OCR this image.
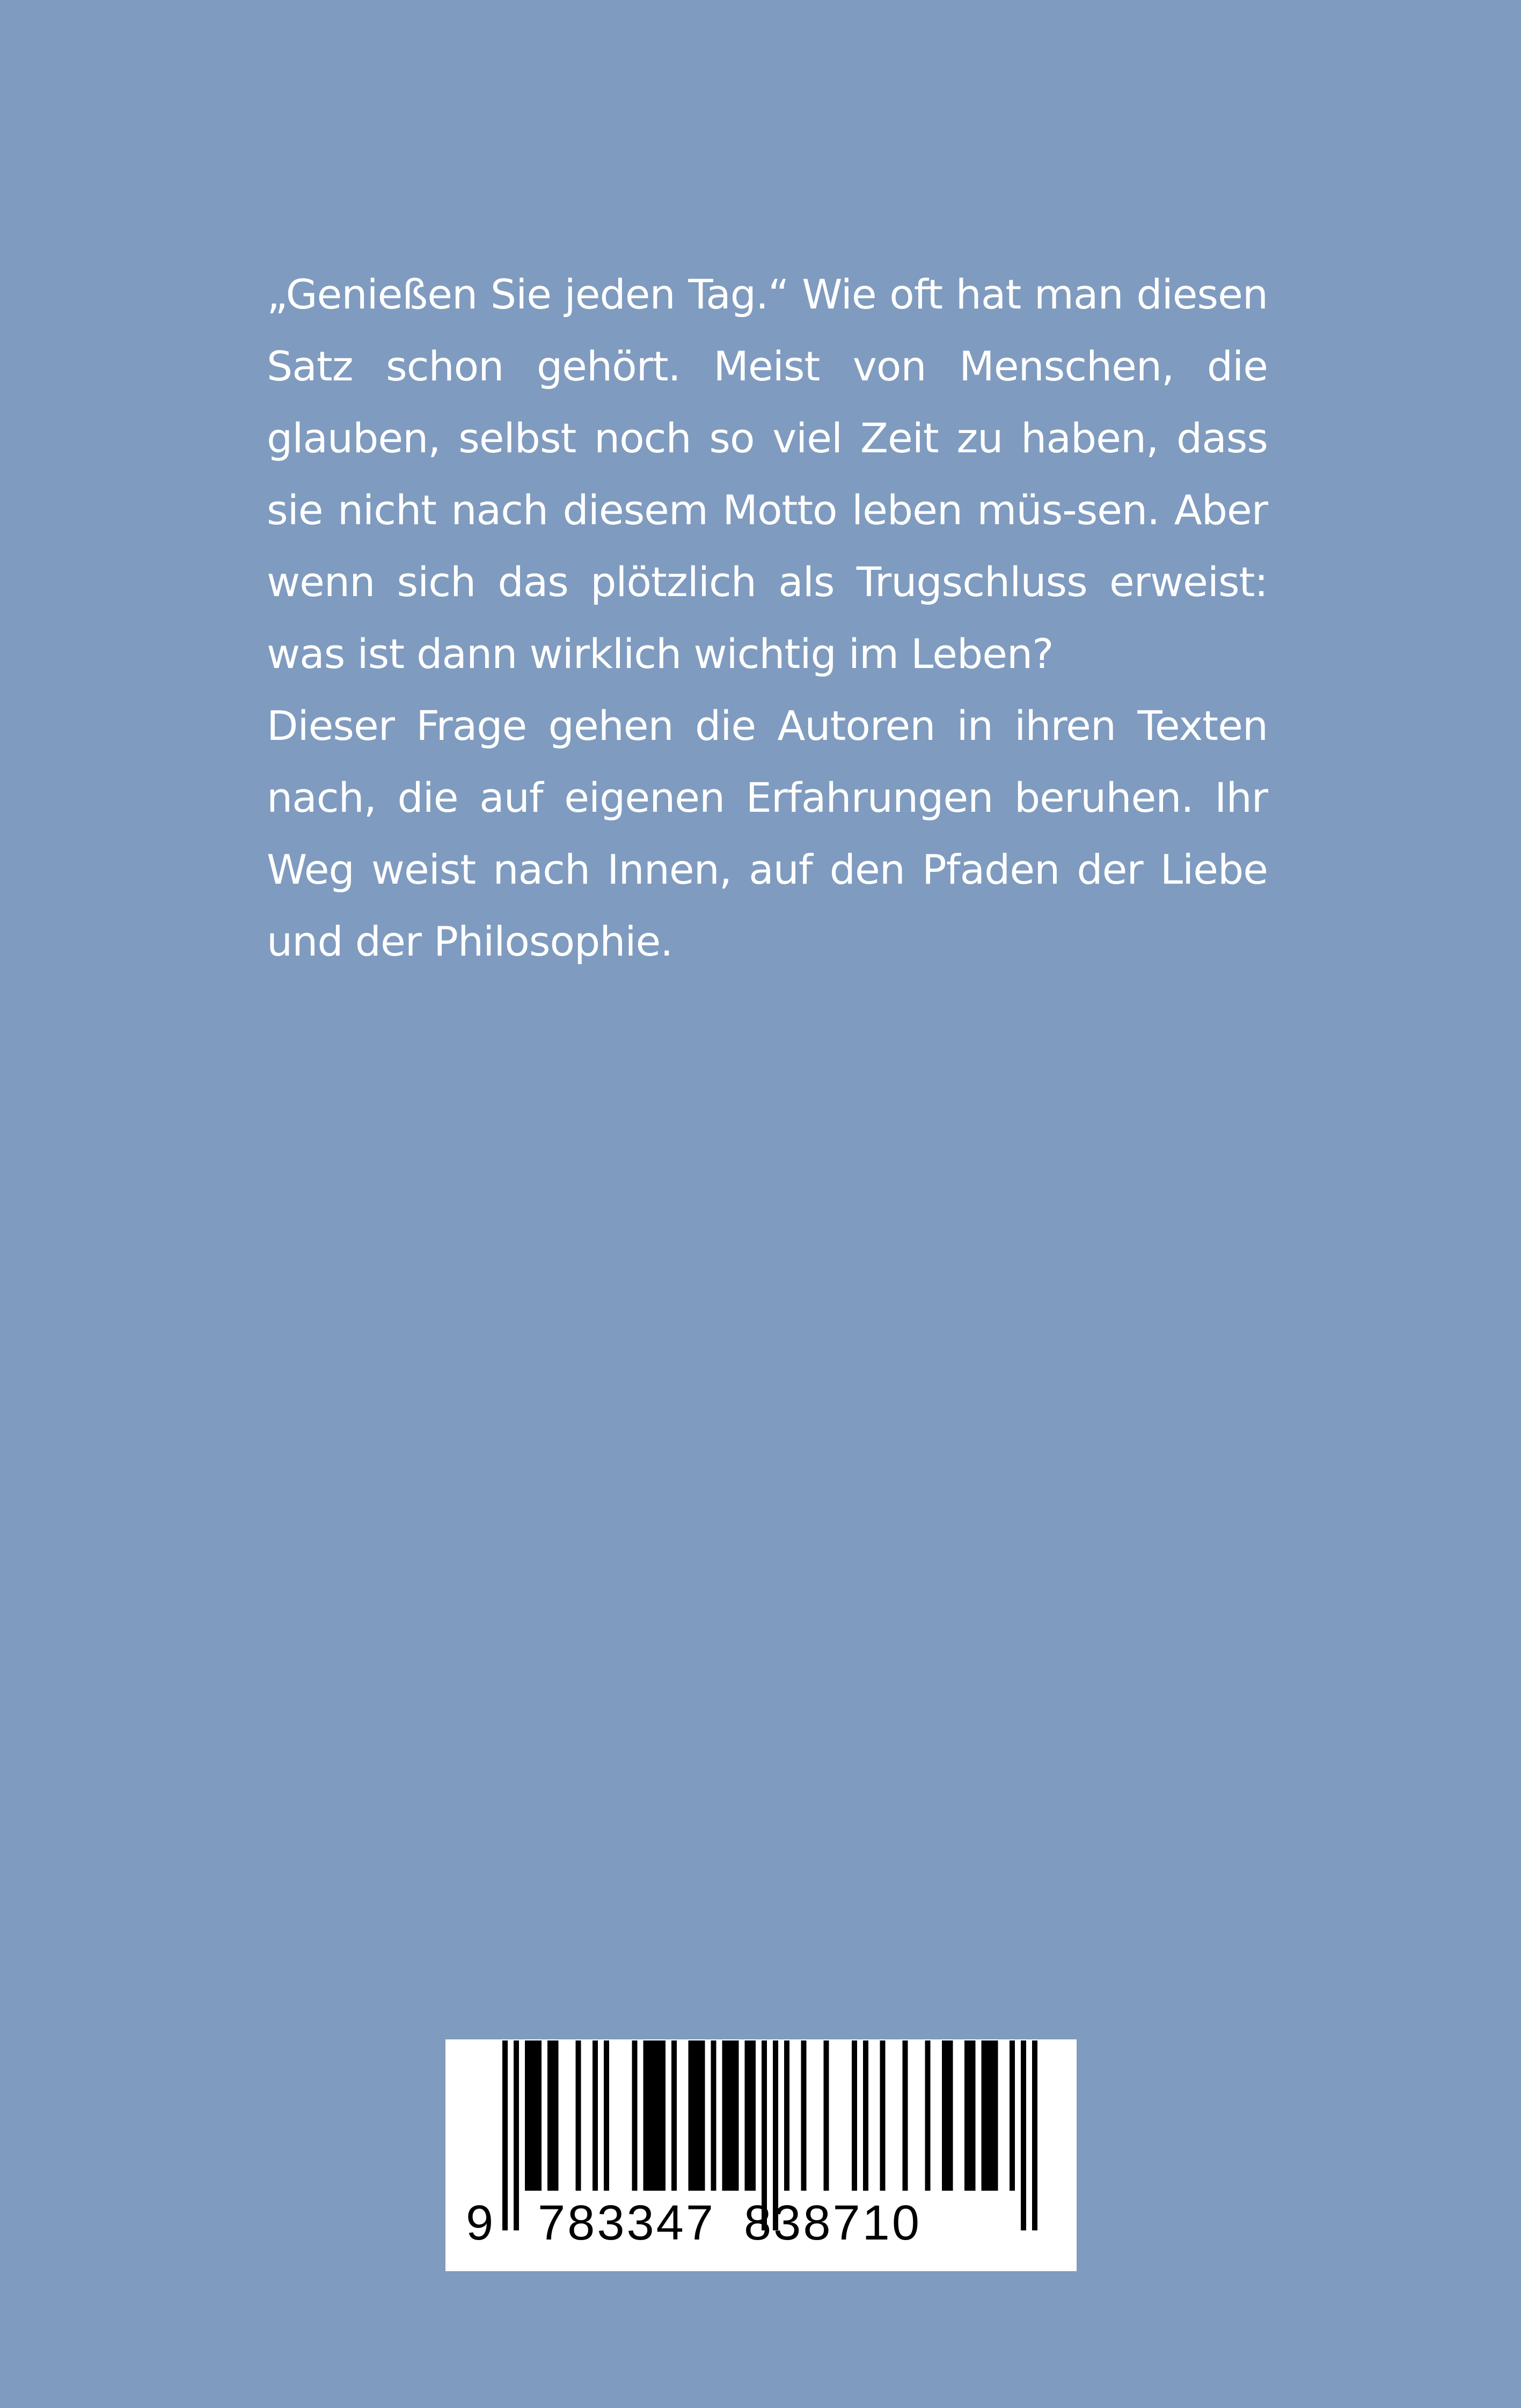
„Genießen Sie jeden Tag.“ Wie oft hat man diesen Satz schon gehört. Meist von Menschen, die glauben, selbst noch so viel Zeit zu haben, dass sie nicht nach diesem Motto leben müs-sen. Aber wenn sich das plötzlich als Trugschluss erweist: was ist dann wirklich wichtig im Leben?

Dieser Frage gehen die Autoren in ihren Texten nach, die auf eigenen Erfahrungen beruhen. Ihr Weg weist nach Innen, auf den Pfaden der Liebe und der Philosophie.

9 783347 838710
